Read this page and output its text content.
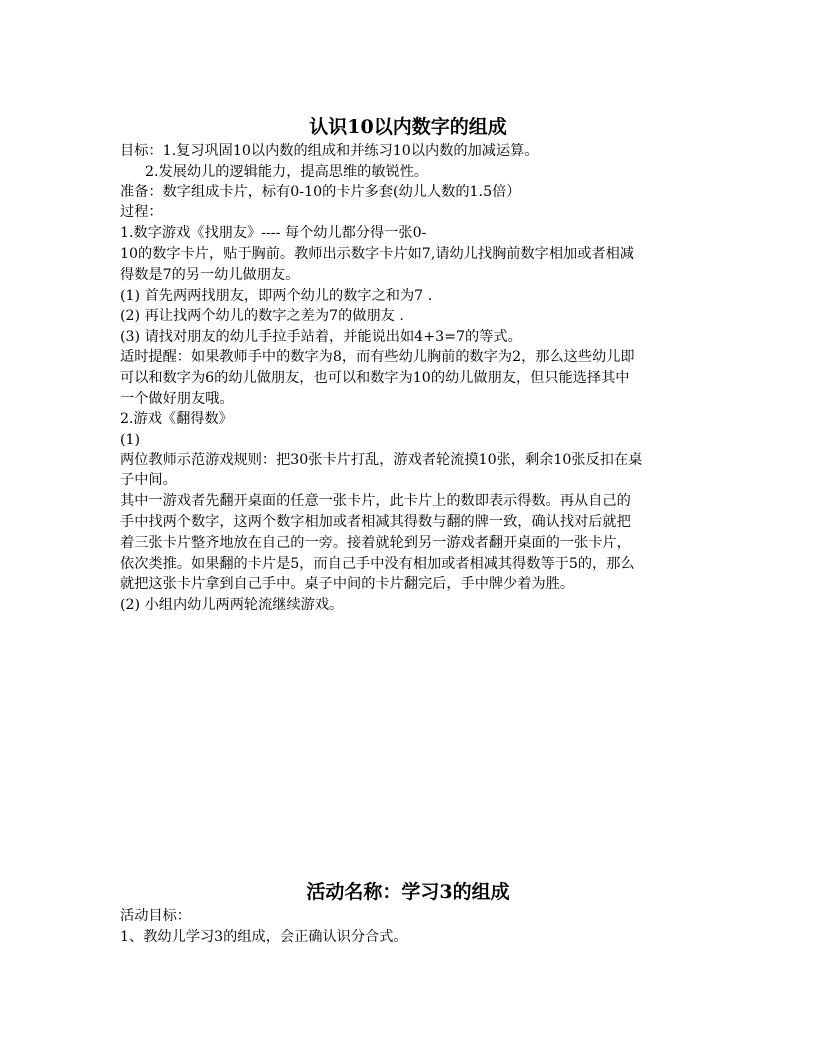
认识10以内数字的组成
目标：1.复习巩固10以内数的组成和并练习10以内数的加减运算。
2.发展幼儿的逻辑能力，提高思维的敏锐性。
准备：数字组成卡片，标有0-10的卡片多套(幼儿人数的1.5倍）
过程：
1.数字游戏《找朋友》---- 每个幼儿都分得一张0-
10的数字卡片，贴于胸前。教师出示数字卡片如7,请幼儿找胸前数字相加或者相减
得数是7的另一幼儿做朋友。
(1) 首先两两找朋友，即两个幼儿的数字之和为7 .
(2) 再让找两个幼儿的数字之差为7的做朋友 .
(3) 请找对朋友的幼儿手拉手站着，并能说出如4+3=7的等式。
适时提醒：如果教师手中的数字为8，而有些幼儿胸前的数字为2，那么这些幼儿即
可以和数字为6的幼儿做朋友，也可以和数字为10的幼儿做朋友，但只能选择其中
一个做好朋友哦。
2.游戏《翻得数》
(1)
两位教师示范游戏规则：把30张卡片打乱，游戏者轮流摸10张，剩余10张反扣在桌
子中间。
其中一游戏者先翻开桌面的任意一张卡片，此卡片上的数即表示得数。再从自己的
手中找两个数字，这两个数字相加或者相减其得数与翻的牌一致，确认找对后就把
着三张卡片整齐地放在自己的一旁。接着就轮到另一游戏者翻开桌面的一张卡片，
依次类推。如果翻的卡片是5，而自己手中没有相加或者相减其得数等于5的，那么
就把这张卡片拿到自己手中。桌子中间的卡片翻完后，手中牌少着为胜。
(2) 小组内幼儿两两轮流继续游戏。
活动名称：学习3的组成
活动目标：
1、教幼儿学习3的组成，会正确认识分合式。
